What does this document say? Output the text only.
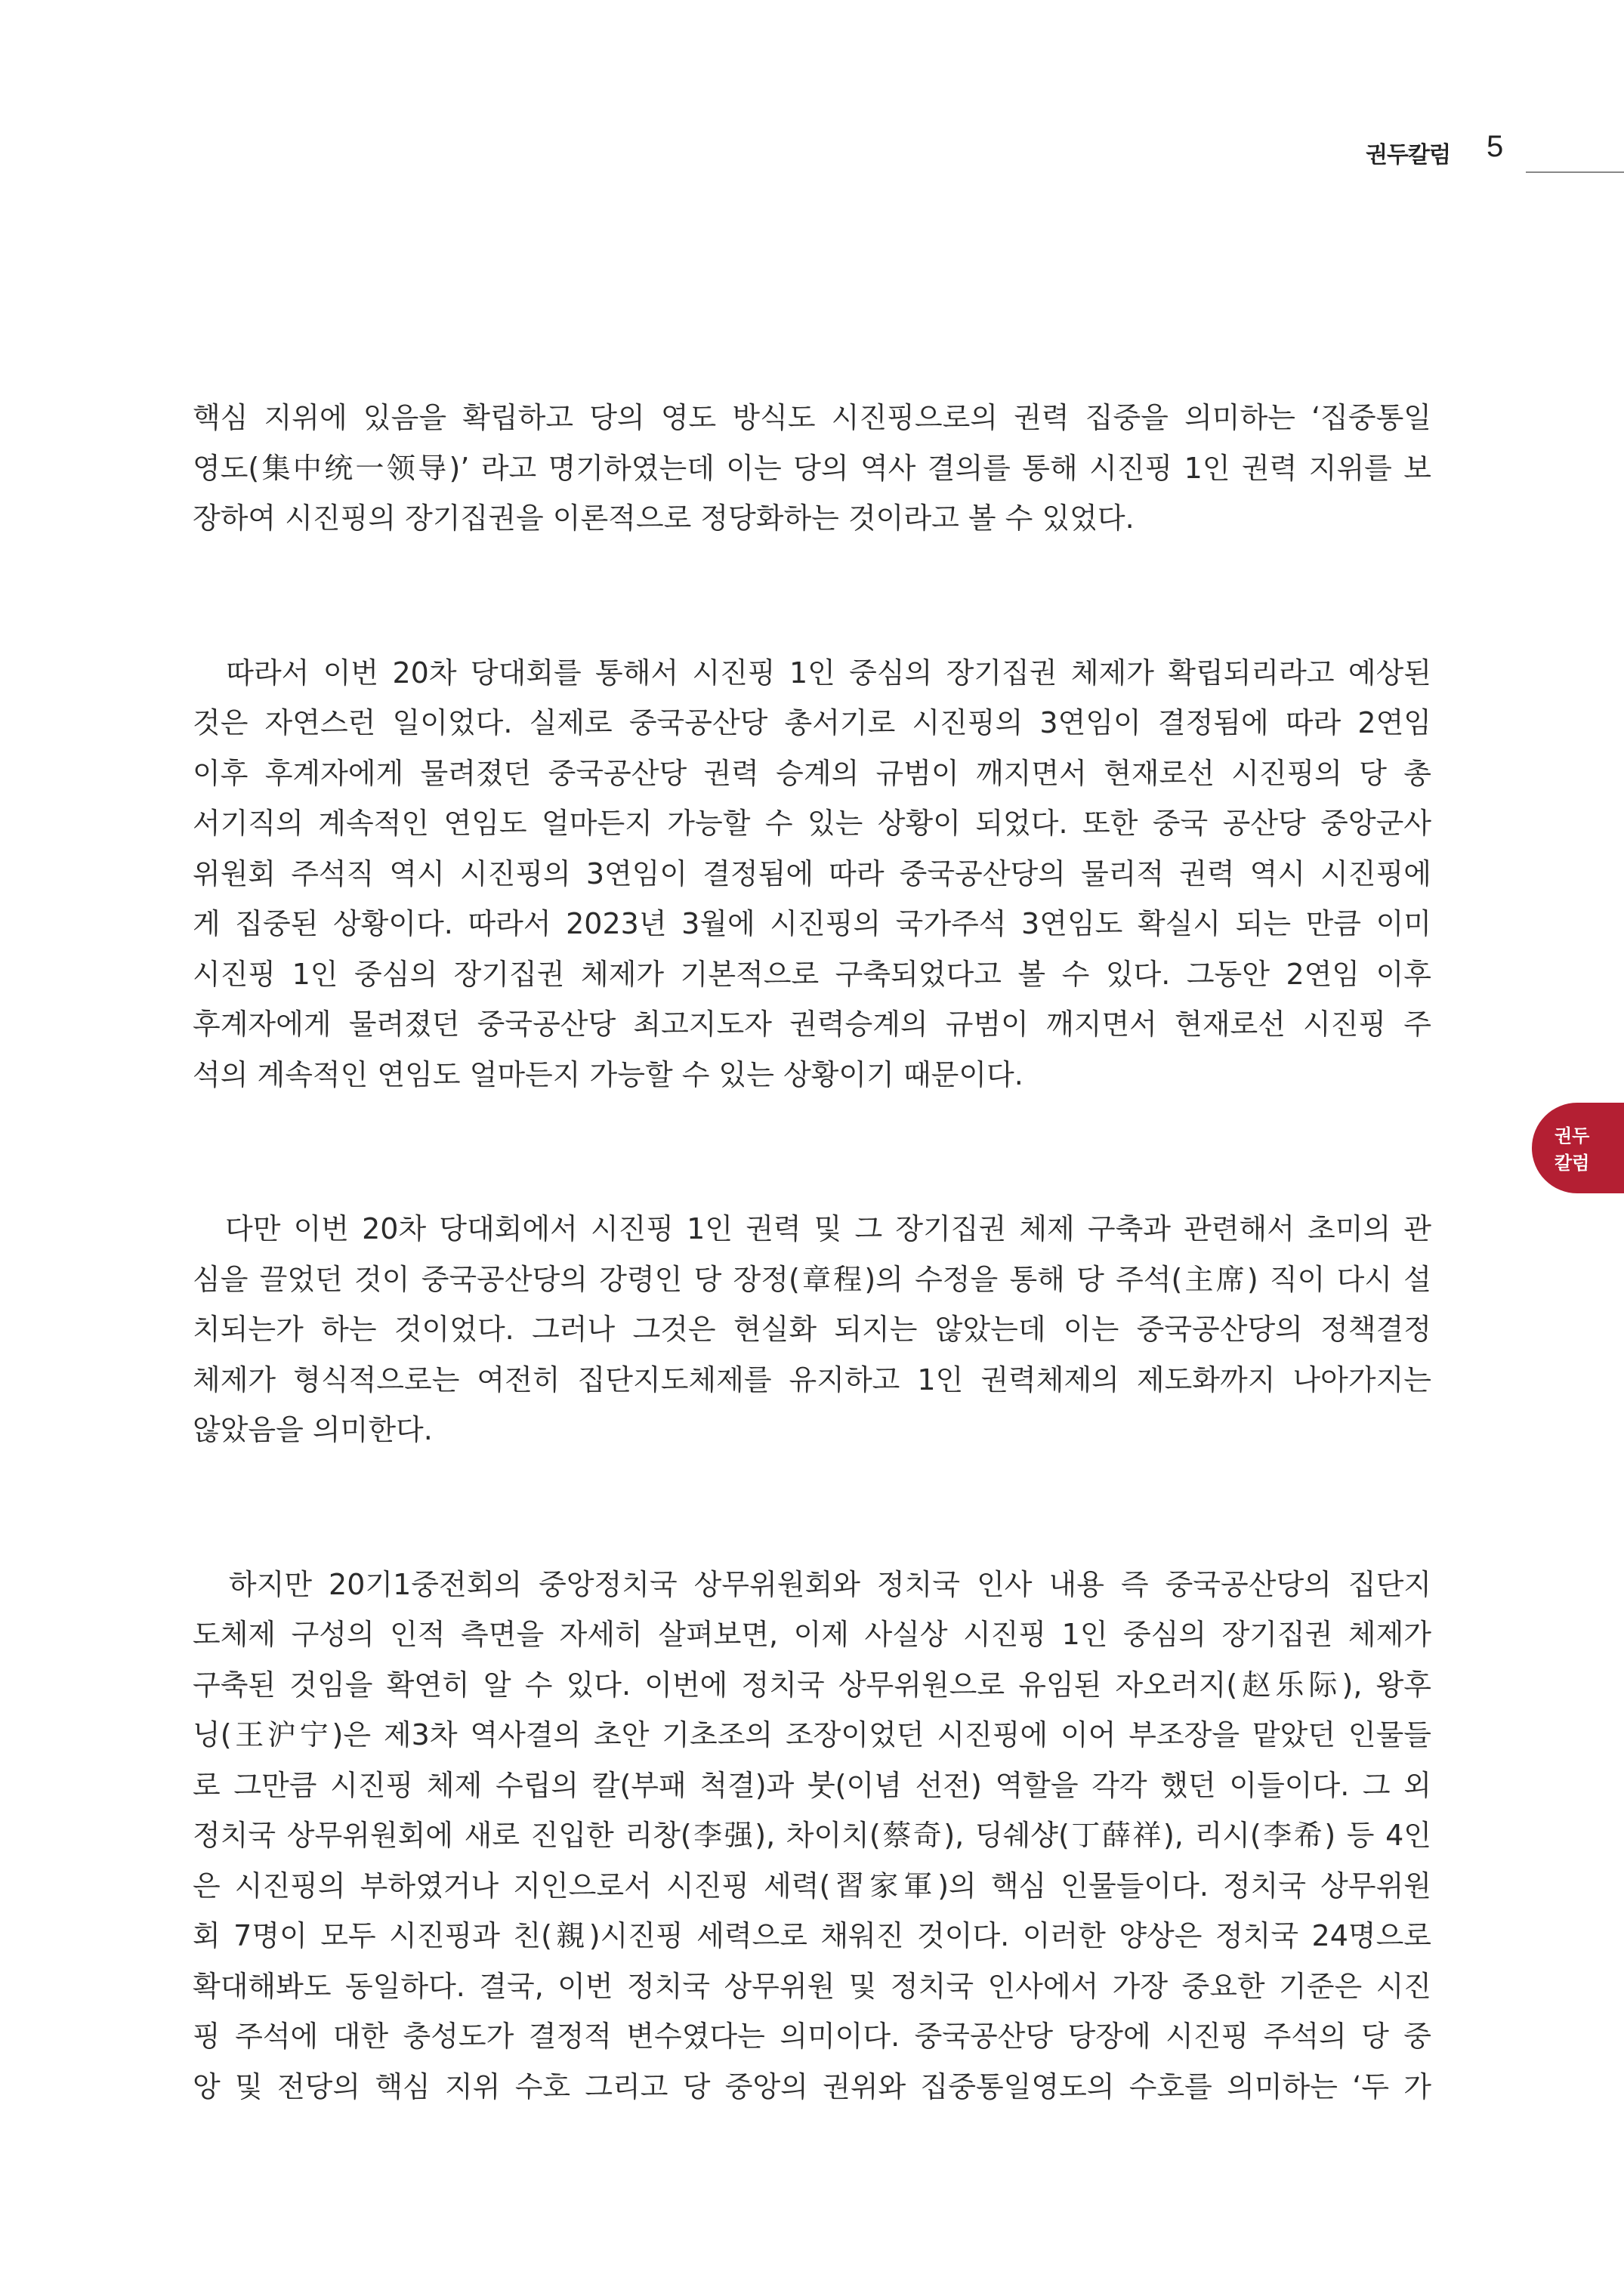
권두칼럼 5
권두
칼럼

핵심 지위에 있음을 확립하고 당의 영도 방식도 시진핑으로의 권력 집중을 의미하는 ‘집중통일
영도(集中统一领导)’ 라고 명기하였는데 이는 당의 역사 결의를 통해 시진핑 1인 권력 지위를 보
장하여 시진핑의 장기집권을 이론적으로 정당화하는 것이라고 볼 수 있었다.

　따라서 이번 20차 당대회를 통해서 시진핑 1인 중심의 장기집권 체제가 확립되리라고 예상된
것은 자연스런 일이었다. 실제로 중국공산당 총서기로 시진핑의 3연임이 결정됨에 따라 2연임
이후 후계자에게 물려졌던 중국공산당 권력 승계의 규범이 깨지면서 현재로선 시진핑의 당 총
서기직의 계속적인 연임도 얼마든지 가능할 수 있는 상황이 되었다. 또한 중국 공산당 중앙군사
위원회 주석직 역시 시진핑의 3연임이 결정됨에 따라 중국공산당의 물리적 권력 역시 시진핑에
게 집중된 상황이다. 따라서 2023년 3월에 시진핑의 국가주석 3연임도 확실시 되는 만큼 이미
시진핑 1인 중심의 장기집권 체제가 기본적으로 구축되었다고 볼 수 있다. 그동안 2연임 이후
후계자에게 물려졌던 중국공산당 최고지도자 권력승계의 규범이 깨지면서 현재로선 시진핑 주
석의 계속적인 연임도 얼마든지 가능할 수 있는 상황이기 때문이다.

　다만 이번 20차 당대회에서 시진핑 1인 권력 및 그 장기집권 체제 구축과 관련해서 초미의 관
심을 끌었던 것이 중국공산당의 강령인 당 장정(章程)의 수정을 통해 당 주석(主席) 직이 다시 설
치되는가 하는 것이었다. 그러나 그것은 현실화 되지는 않았는데 이는 중국공산당의 정책결정
체제가 형식적으로는 여전히 집단지도체제를 유지하고 1인 권력체제의 제도화까지 나아가지는
않았음을 의미한다.

　하지만 20기1중전회의 중앙정치국 상무위원회와 정치국 인사 내용 즉 중국공산당의 집단지
도체제 구성의 인적 측면을 자세히 살펴보면, 이제 사실상 시진핑 1인 중심의 장기집권 체제가
구축된 것임을 확연히 알 수 있다. 이번에 정치국 상무위원으로 유임된 자오러지(赵乐际), 왕후
닝(王沪宁)은 제3차 역사결의 초안 기초조의 조장이었던 시진핑에 이어 부조장을 맡았던 인물들
로 그만큼 시진핑 체제 수립의 칼(부패 척결)과 붓(이념 선전) 역할을 각각 했던 이들이다. 그 외
정치국 상무위원회에 새로 진입한 리창(李强), 차이치(蔡奇), 딩쉐샹(丁薛祥), 리시(李希) 등 4인
은 시진핑의 부하였거나 지인으로서 시진핑 세력(習家軍)의 핵심 인물들이다. 정치국 상무위원
회 7명이 모두 시진핑과 친(親)시진핑 세력으로 채워진 것이다. 이러한 양상은 정치국 24명으로
확대해봐도 동일하다. 결국, 이번 정치국 상무위원 및 정치국 인사에서 가장 중요한 기준은 시진
핑 주석에 대한 충성도가 결정적 변수였다는 의미이다. 중국공산당 당장에 시진핑 주석의 당 중
앙 및 전당의 핵심 지위 수호 그리고 당 중앙의 권위와 집중통일영도의 수호를 의미하는 ‘두 가
